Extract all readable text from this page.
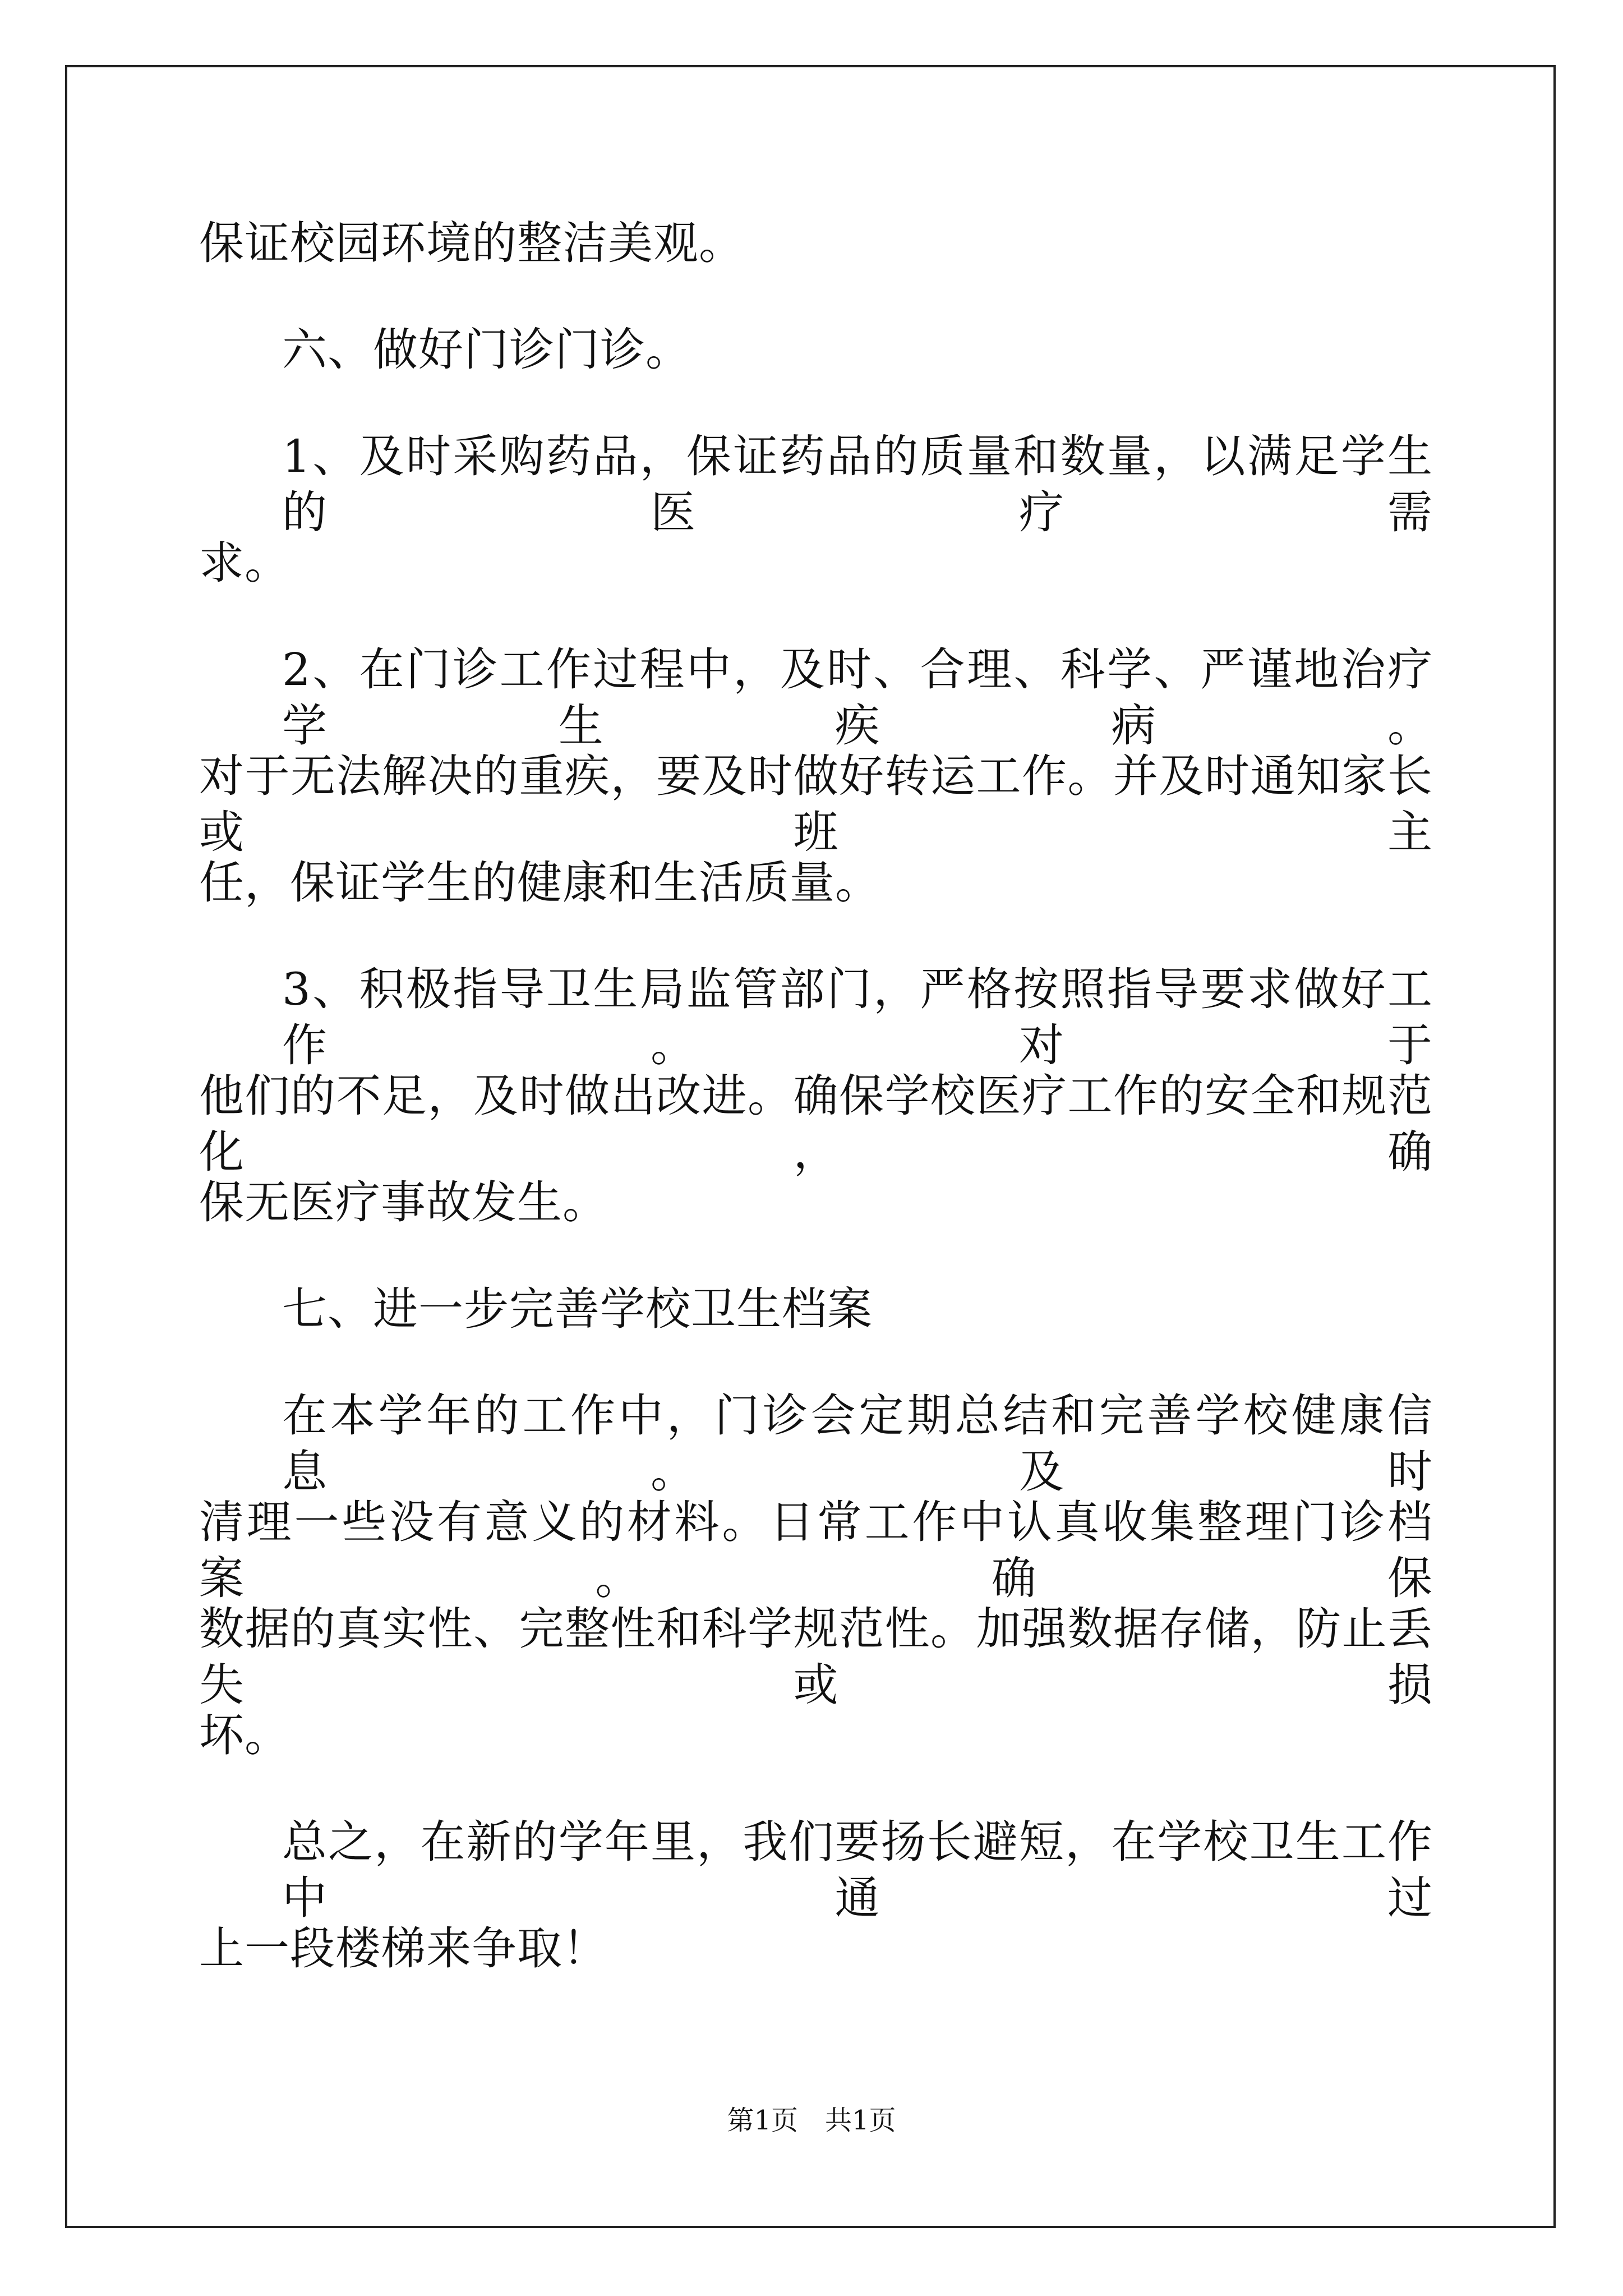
保证校园环境的整洁美观。
六、做好门诊门诊。
1、及时采购药品，保证药品的质量和数量，以满足学生的医疗需
求。
2、在门诊工作过程中，及时、合理、科学、严谨地治疗学生疾病。
对于无法解决的重疾，要及时做好转运工作。并及时通知家长或班主
任，保证学生的健康和生活质量。
3、积极指导卫生局监管部门，严格按照指导要求做好工作。对于
他们的不足，及时做出改进。确保学校医疗工作的安全和规范化，确
保无医疗事故发生。
七、进一步完善学校卫生档案
在本学年的工作中，门诊会定期总结和完善学校健康信息。及时
清理一些没有意义的材料。日常工作中认真收集整理门诊档案。确保
数据的真实性、完整性和科学规范性。加强数据存储，防止丢失或损
坏。
总之，在新的学年里，我们要扬长避短，在学校卫生工作中通过
上一段楼梯来争取！
第1页　共1页
